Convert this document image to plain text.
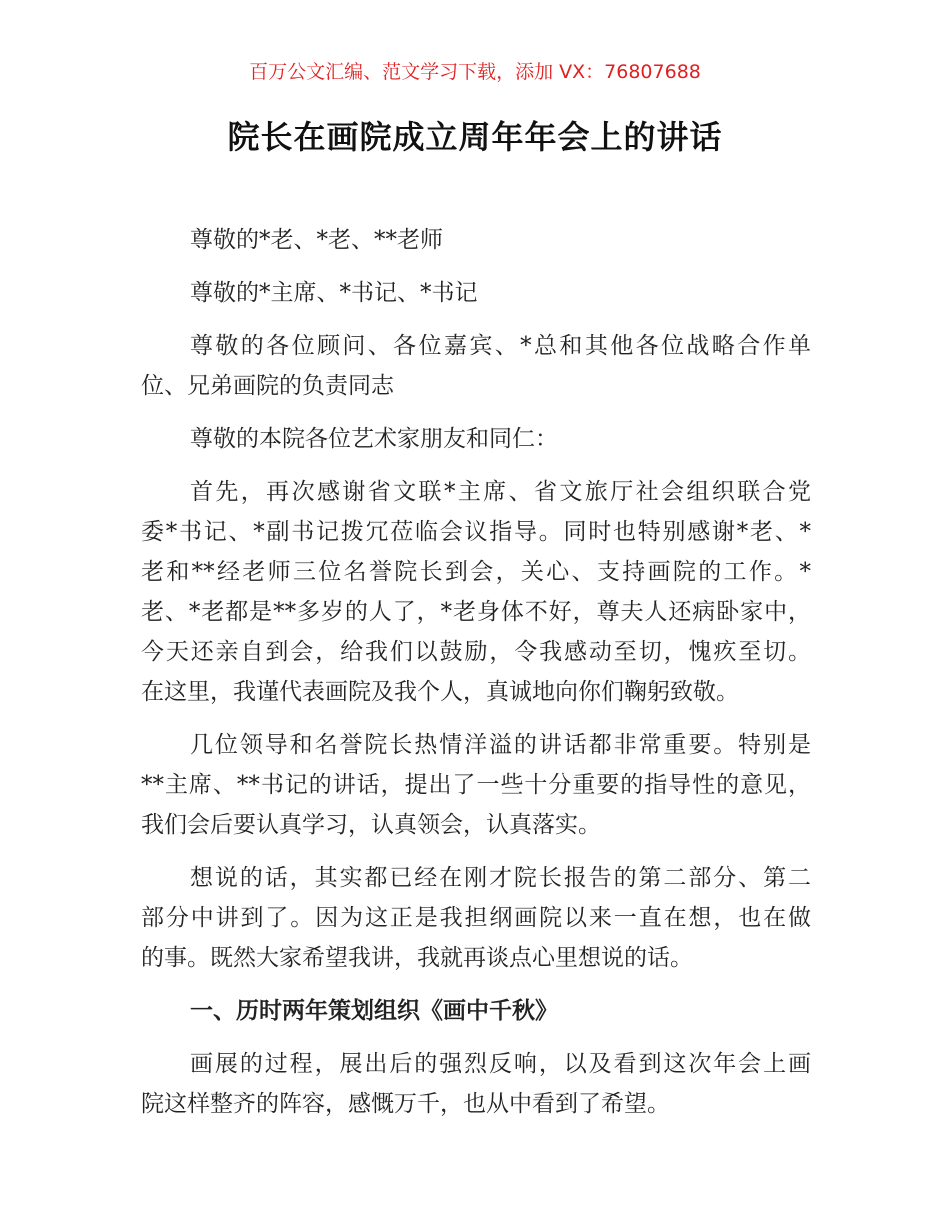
百万公文汇编、范文学习下载，添加 VX：76807688
院长在画院成立周年年会上的讲话
尊敬的*老、*老、**老师
尊敬的*主席、*书记、*书记
尊敬的各位顾问、各位嘉宾、*总和其他各位战略合作单
位、兄弟画院的负责同志
尊敬的本院各位艺术家朋友和同仁：
首先，再次感谢省文联*主席、省文旅厅社会组织联合党
委*书记、*副书记拨冗莅临会议指导。同时也特别感谢*老、*
老和**经老师三位名誉院长到会，关心、支持画院的工作。*
老、*老都是**多岁的人了，*老身体不好，尊夫人还病卧家中，
今天还亲自到会，给我们以鼓励，令我感动至切，愧疚至切。
在这里，我谨代表画院及我个人，真诚地向你们鞠躬致敬。
几位领导和名誉院长热情洋溢的讲话都非常重要。特别是
**主席、**书记的讲话，提出了一些十分重要的指导性的意见，
我们会后要认真学习，认真领会，认真落实。
想说的话，其实都已经在刚才院长报告的第二部分、第二
部分中讲到了。因为这正是我担纲画院以来一直在想，也在做
的事。既然大家希望我讲，我就再谈点心里想说的话。
一、历时两年策划组织《画中千秋》
画展的过程，展出后的强烈反响，以及看到这次年会上画
院这样整齐的阵容，感慨万千，也从中看到了希望。
